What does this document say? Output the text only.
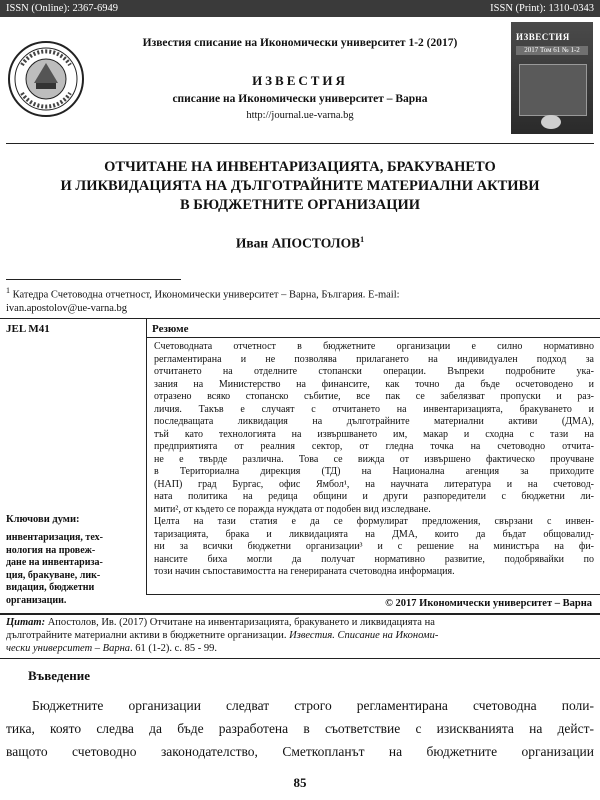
ISSN (Online): 2367-6949	ISSN (Print): 1310-0343
Известия списание на Икономически университет 1-2 (2017)
ИЗВЕСТИЯ
списание на Икономически университет – Варна
http://journal.ue-varna.bg
ИЗВЕСТИЯ
2017 Том 61 № 1-2
ОТЧИТАНЕ НА ИНВЕНТАРИЗАЦИЯТА, БРАКУВАНЕТО
И ЛИКВИДАЦИЯТА НА ДЪЛГОТРАЙНИТЕ МАТЕРИАЛНИ АКТИВИ
В БЮДЖЕТНИТЕ ОРГАНИЗАЦИИ
Иван АПОСТОЛОВ$^1$
$^1$ Катедра Счетоводна отчетност, Икономически университет – Варна, България. E-mail:
ivan.apostolov@ue-varna.bg
JEL M41	Резюме
Счетоводната отчетност в бюджетните организации е силно нормативно
регламентирана и не позволява прилагането на индивидуален подход за
отчитането на отделните стопански операции. Въпреки подробните ука-
зания на Министерство на финансите, как точно да бъде осчетоводено и
отразено всяко стопанско събитие, все пак се забелязват пропуски и раз-
личия. Такъв е случаят с отчитането на инвентаризацията, бракуването и
последващата ликвидация на дълготрайните материални активи (ДМА),
тъй като технологията на извършването им, макар и сходна с тази на
предприятията от реалния сектор, от гледна точка на счетоводно отчита-
не е твърде различна. Това се вижда от извършено фактическо проучване
в Териториална дирекция (ТД) на Национална агенция за приходите
(НАП) град Бургас, офис Ямбол¹, на научната литература и на счетовод-
ната политика на редица общини и други разпоредители с бюджетни ли-
мити², от където се поражда нуждата от подобен вид изследване.
Целта на тази статия е да се формулират предложения, свързани с инвен-
таризацията, брака и ликвидацията на ДМА, които да бъдат общовалид-
ни за всички бюджетни организации³ и с решение на министъра на фи-
нансите биха могли да получат нормативно развитие, подобрявайки по
този начин съпоставимостта на генерираната счетоводна информация.
Ключови думи:
инвентаризация, тех-
нология на провеж-
дане на инвентариза-
ция, бракуване, лик-
видация, бюджетни
организации.	© 2017 Икономически университет – Варна
Цитат: Апостолов, Ив. (2017) Отчитане на инвентаризацията, бракуването и ликвидацията на
дълготрайните материални активи в бюджетните организации. Известия. Списание на Икономи-
чески университет – Варна. 61 (1-2). с. 85 - 99.
Въведение
Бюджетните организации следват строго регламентирана счетоводна поли-
тика, която следва да бъде разработена в съответствие с изискванията на дейст-
ващото счетоводно законодателство, Сметкопланът на бюджетните организации
85
